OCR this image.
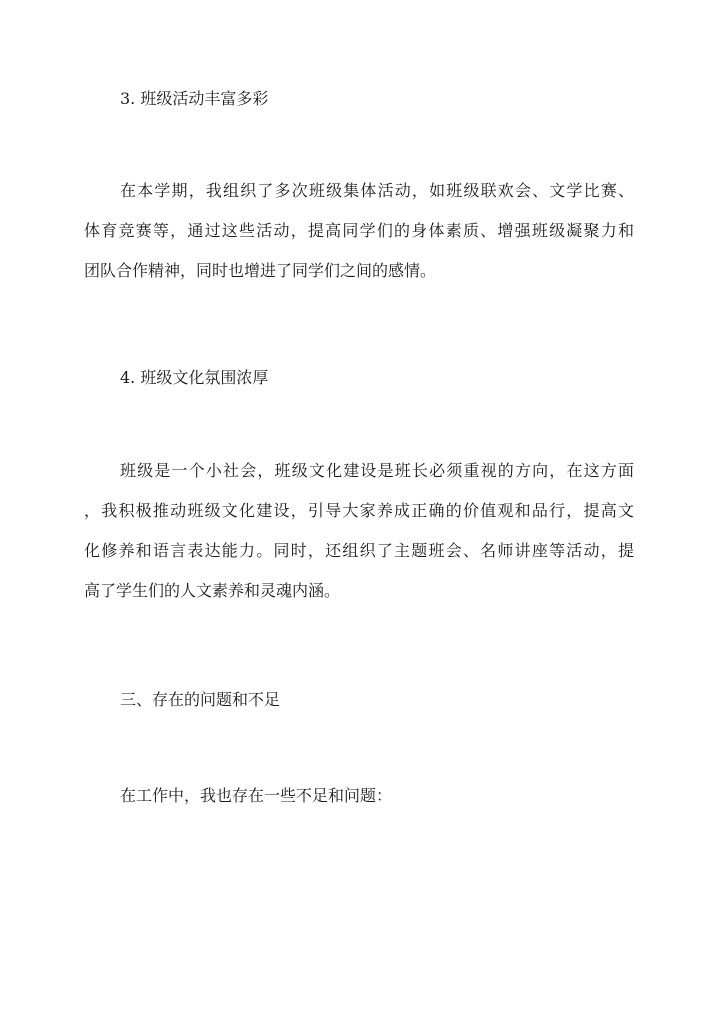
3. 班级活动丰富多彩
在本学期，我组织了多次班级集体活动，如班级联欢会、文学比赛、
体育竞赛等，通过这些活动，提高同学们的身体素质、增强班级凝聚力和
团队合作精神，同时也增进了同学们之间的感情。
4. 班级文化氛围浓厚
班级是一个小社会，班级文化建设是班长必须重视的方向，在这方面
，我积极推动班级文化建设，引导大家养成正确的价值观和品行，提高文
化修养和语言表达能力。同时，还组织了主题班会、名师讲座等活动，提
高了学生们的人文素养和灵魂内涵。
三、存在的问题和不足
在工作中，我也存在一些不足和问题：
